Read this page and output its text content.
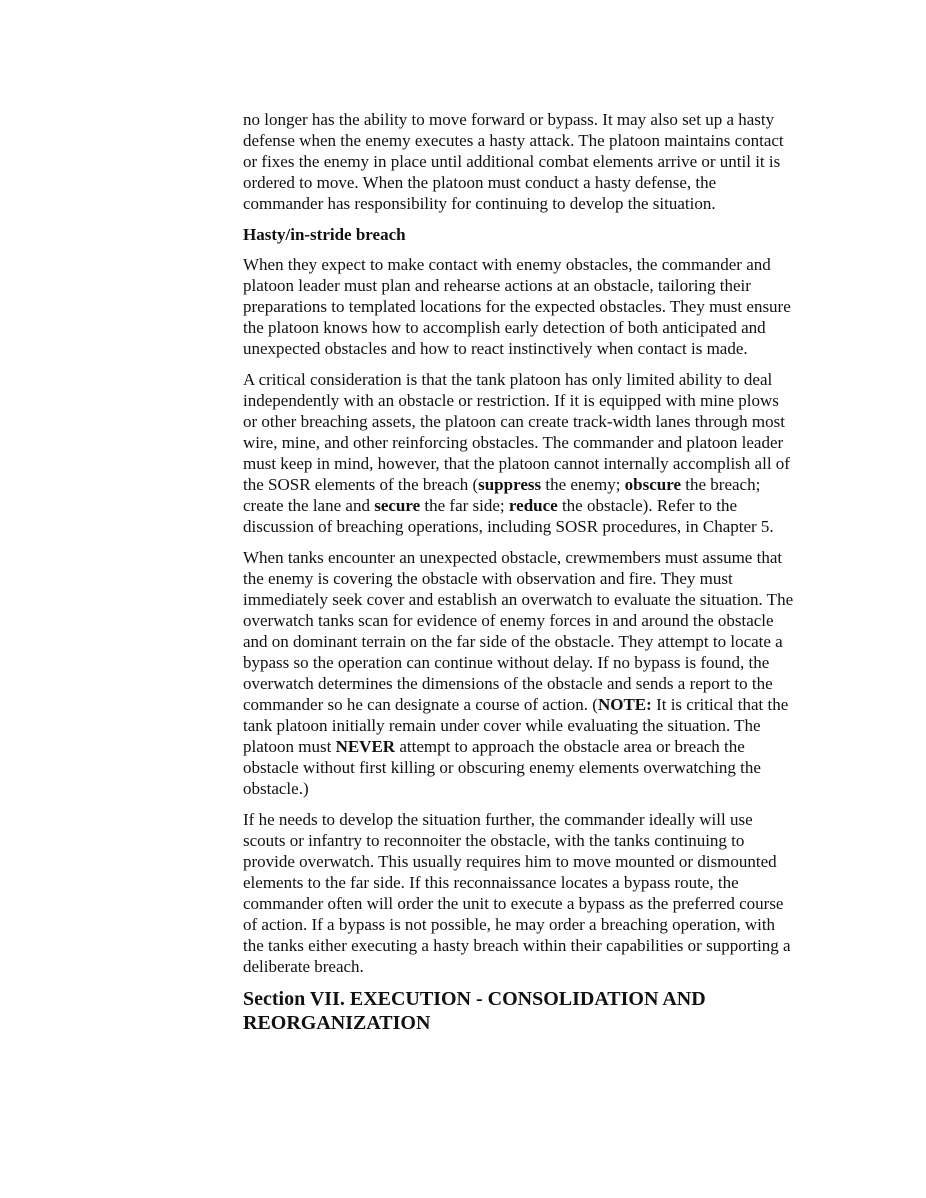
no longer has the ability to move forward or bypass. It may also set up a hasty defense when the enemy executes a hasty attack. The platoon maintains contact or fixes the enemy in place until additional combat elements arrive or until it is ordered to move. When the platoon must conduct a hasty defense, the commander has responsibility for continuing to develop the situation.

Hasty/in-stride breach

When they expect to make contact with enemy obstacles, the commander and platoon leader must plan and rehearse actions at an obstacle, tailoring their preparations to templated locations for the expected obstacles. They must ensure the platoon knows how to accomplish early detection of both anticipated and unexpected obstacles and how to react instinctively when contact is made.

A critical consideration is that the tank platoon has only limited ability to deal independently with an obstacle or restriction. If it is equipped with mine plows or other breaching assets, the platoon can create track-width lanes through most wire, mine, and other reinforcing obstacles. The commander and platoon leader must keep in mind, however, that the platoon cannot internally accomplish all of the SOSR elements of the breach (suppress the enemy; obscure the breach; create the lane and secure the far side; reduce the obstacle). Refer to the discussion of breaching operations, including SOSR procedures, in Chapter 5.

When tanks encounter an unexpected obstacle, crewmembers must assume that the enemy is covering the obstacle with observation and fire. They must immediately seek cover and establish an overwatch to evaluate the situation. The overwatch tanks scan for evidence of enemy forces in and around the obstacle and on dominant terrain on the far side of the obstacle. They attempt to locate a bypass so the operation can continue without delay. If no bypass is found, the overwatch determines the dimensions of the obstacle and sends a report to the commander so he can designate a course of action. (NOTE: It is critical that the tank platoon initially remain under cover while evaluating the situation. The platoon must NEVER attempt to approach the obstacle area or breach the obstacle without first killing or obscuring enemy elements overwatching the obstacle.)

If he needs to develop the situation further, the commander ideally will use scouts or infantry to reconnoiter the obstacle, with the tanks continuing to provide overwatch. This usually requires him to move mounted or dismounted elements to the far side. If this reconnaissance locates a bypass route, the commander often will order the unit to execute a bypass as the preferred course of action. If a bypass is not possible, he may order a breaching operation, with the tanks either executing a hasty breach within their capabilities or supporting a deliberate breach.

Section VII. EXECUTION - CONSOLIDATION AND REORGANIZATION
